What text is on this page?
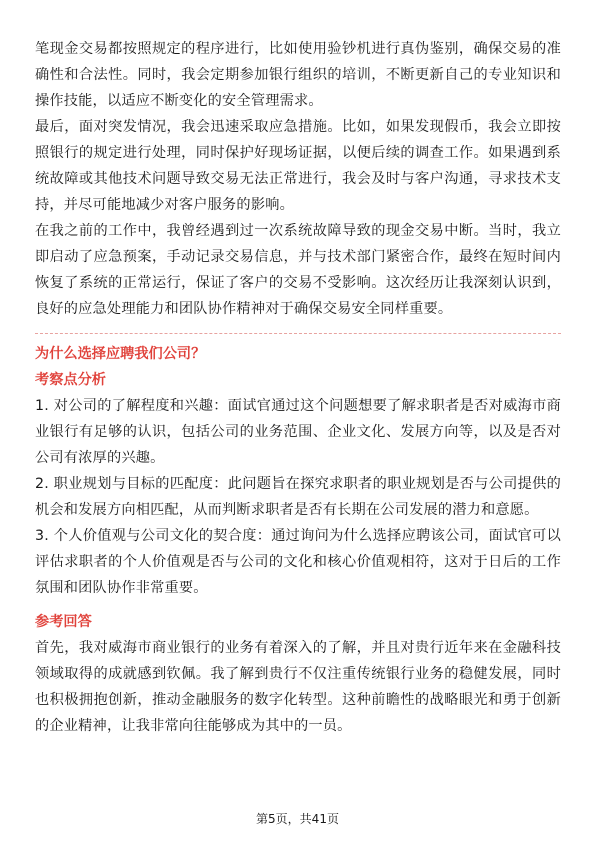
笔现金交易都按照规定的程序进行，比如使用验钞机进行真伪鉴别，确保交易的准确性和合法性。同时，我会定期参加银行组织的培训，不断更新自己的专业知识和操作技能，以适应不断变化的安全管理需求。

最后，面对突发情况，我会迅速采取应急措施。比如，如果发现假币，我会立即按照银行的规定进行处理，同时保护好现场证据，以便后续的调查工作。如果遇到系统故障或其他技术问题导致交易无法正常进行，我会及时与客户沟通，寻求技术支持，并尽可能地减少对客户服务的影响。

在我之前的工作中，我曾经遇到过一次系统故障导致的现金交易中断。当时，我立即启动了应急预案，手动记录交易信息，并与技术部门紧密合作，最终在短时间内恢复了系统的正常运行，保证了客户的交易不受影响。这次经历让我深刻认识到，良好的应急处理能力和团队协作精神对于确保交易安全同样重要。

为什么选择应聘我们公司？

考察点分析

1. 对公司的了解程度和兴趣：面试官通过这个问题想要了解求职者是否对威海市商业银行有足够的认识，包括公司的业务范围、企业文化、发展方向等，以及是否对公司有浓厚的兴趣。

2. 职业规划与目标的匹配度：此问题旨在探究求职者的职业规划是否与公司提供的机会和发展方向相匹配，从而判断求职者是否有长期在公司发展的潜力和意愿。

3. 个人价值观与公司文化的契合度：通过询问为什么选择应聘该公司，面试官可以评估求职者的个人价值观是否与公司的文化和核心价值观相符，这对于日后的工作氛围和团队协作非常重要。

参考回答

首先，我对威海市商业银行的业务有着深入的了解，并且对贵行近年来在金融科技领域取得的成就感到钦佩。我了解到贵行不仅注重传统银行业务的稳健发展，同时也积极拥抱创新，推动金融服务的数字化转型。这种前瞻性的战略眼光和勇于创新的企业精神，让我非常向往能够成为其中的一员。

第5页，共41页
